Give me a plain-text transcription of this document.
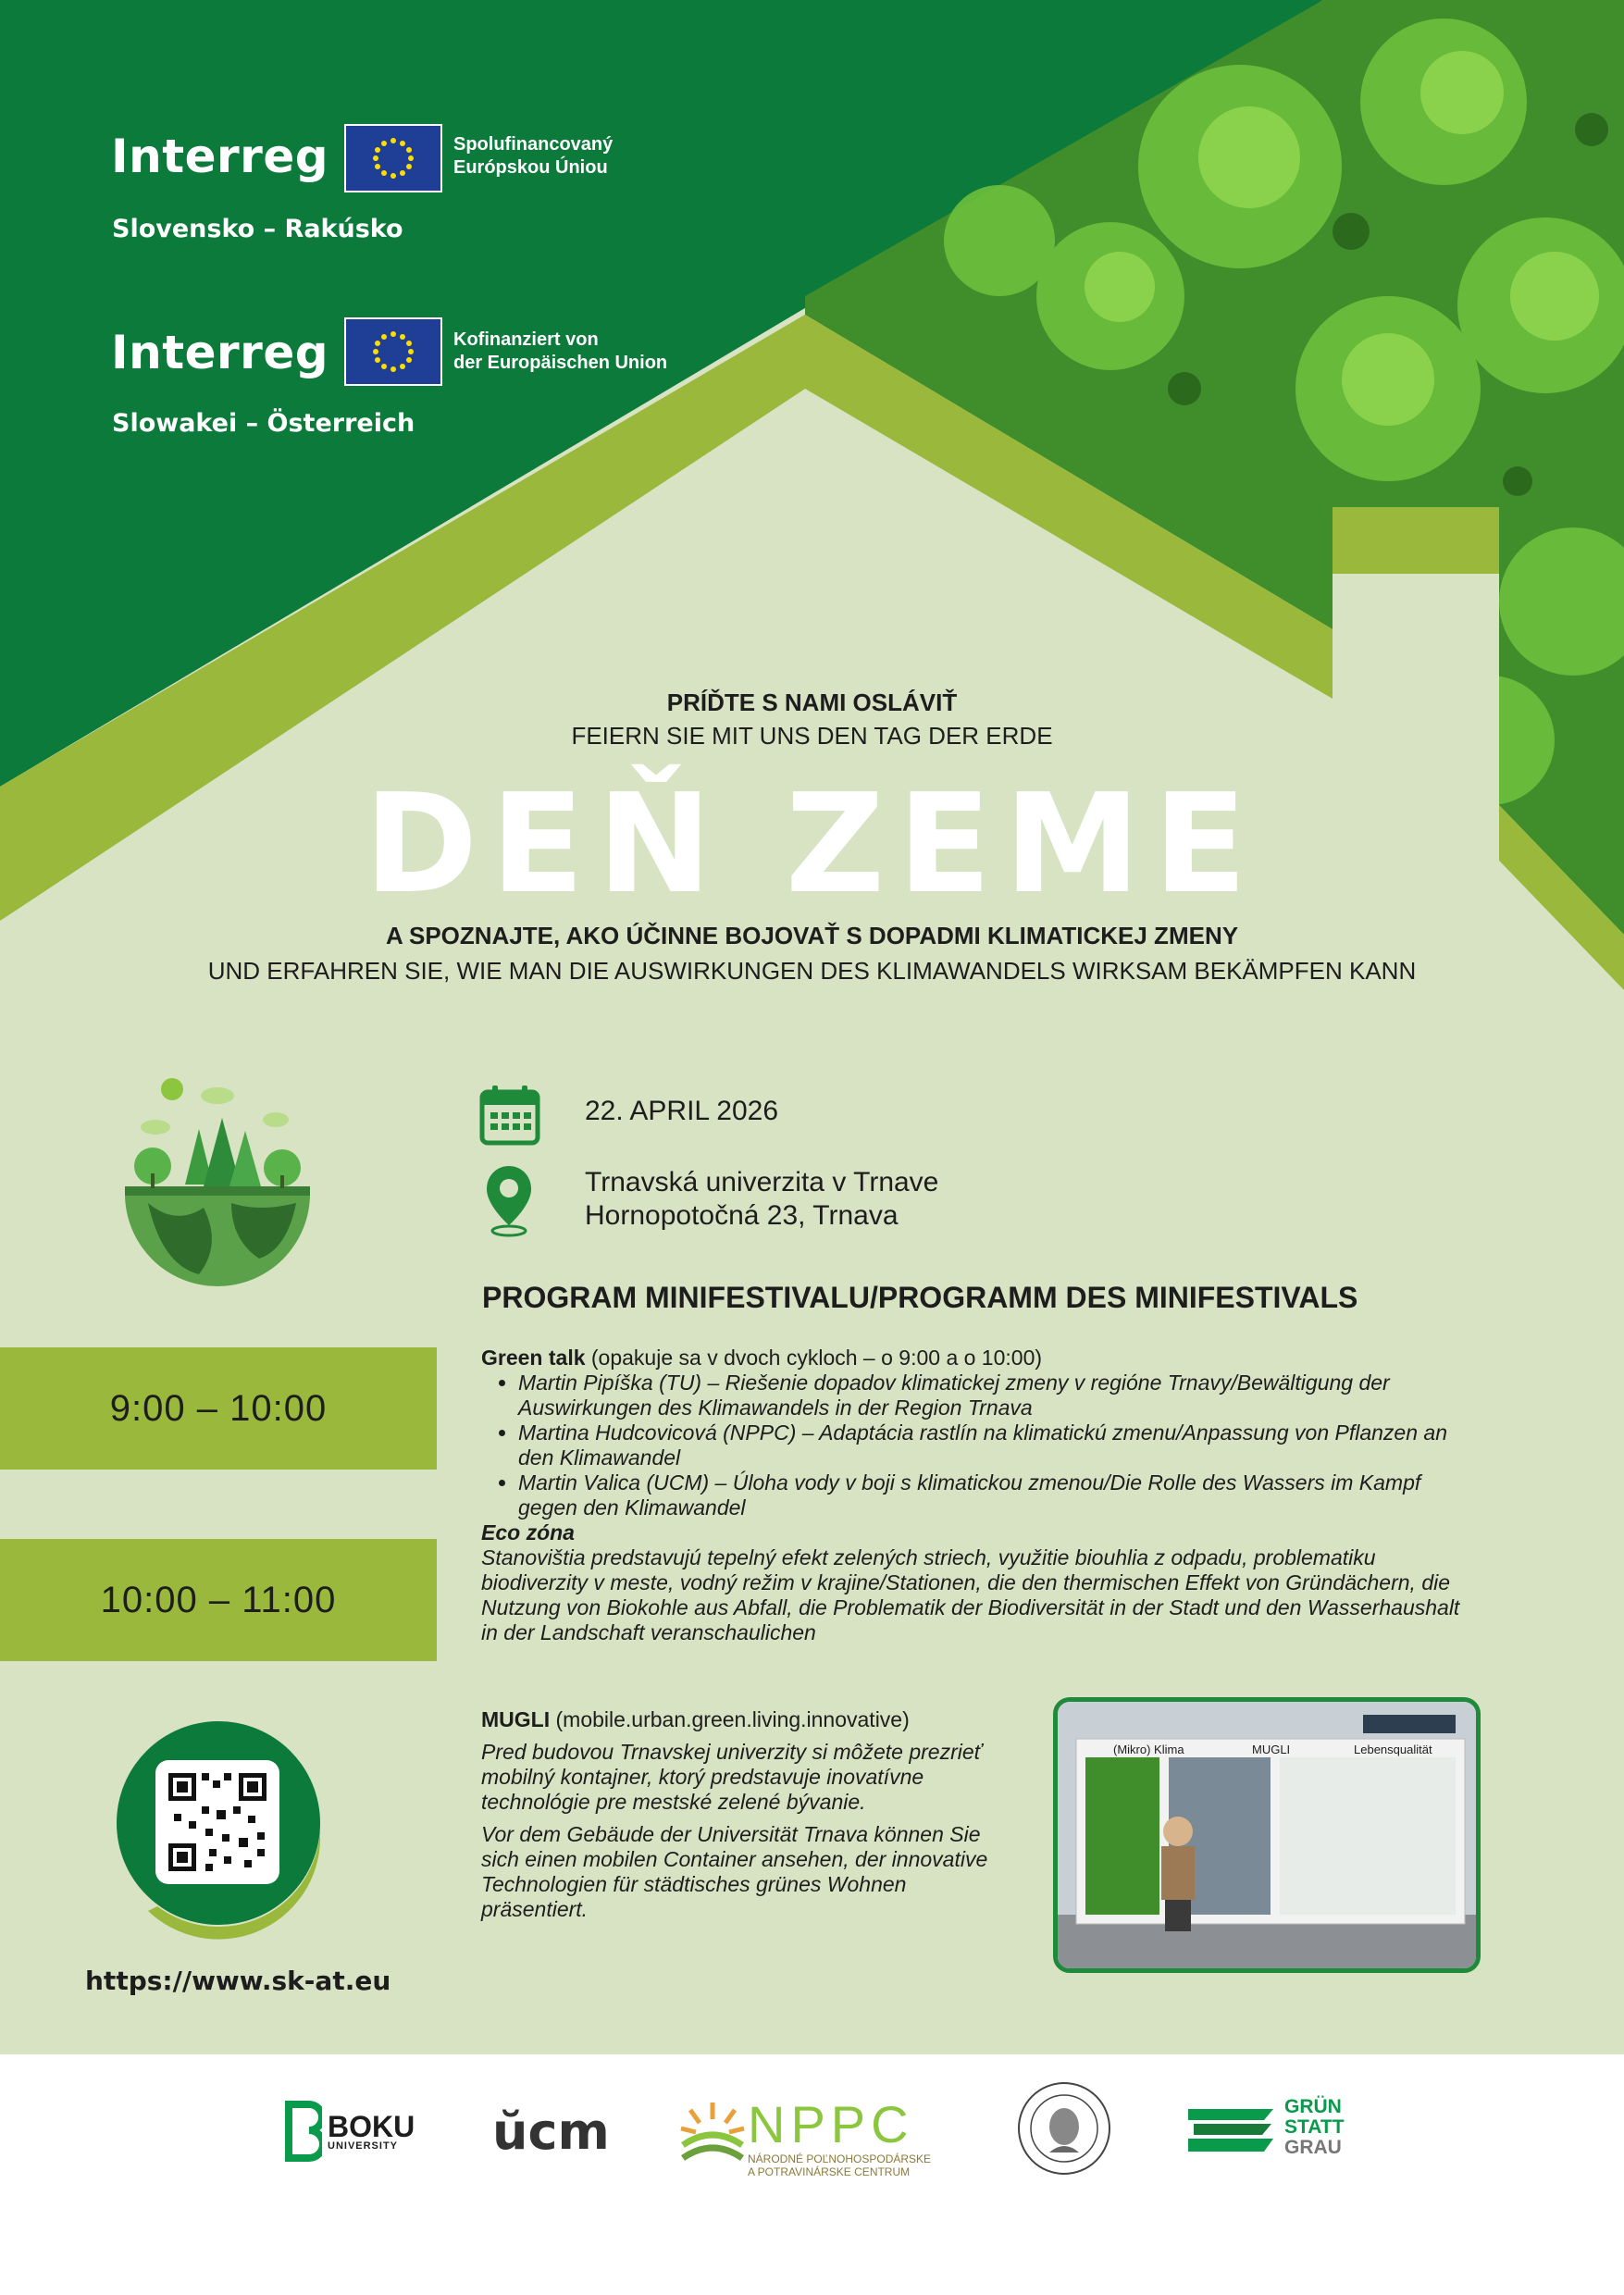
Interreg	Spolufinancovaný
Európskou Úniou
Slovensko – Rakúsko
Interreg	Kofinanziert von
der Europäischen Union
Slowakei – Österreich
PRÍĎTE S NAMI OSLÁVIŤ
FEIERN SIE MIT UNS DEN TAG DER ERDE
DEŇ ZEME
A SPOZNAJTE, AKO ÚČINNE BOJOVAŤ S DOPADMI KLIMATICKEJ ZMENY
UND ERFAHREN SIE, WIE MAN DIE AUSWIRKUNGEN DES KLIMAWANDELS WIRKSAM BEKÄMPFEN KANN
22. APRIL 2026
Trnavská univerzita v Trnave
Hornopotočná 23, Trnava
PROGRAM MINIFESTIVALU/PROGRAMM DES MINIFESTIVALS
9:00 – 10:00
10:00 – 11:00
Green talk (opakuje sa v dvoch cykloch – o 9:00 a o 10:00)
• Martin Pipíška (TU) – Riešenie dopadov klimatickej zmeny v regióne Trnavy/Bewältigung der Auswirkungen des Klimawandels in der Region Trnava
• Martina Hudcovicová (NPPC) – Adaptácia rastlín na klimatickú zmenu/Anpassung von Pflanzen an den Klimawandel
• Martin Valica (UCM) – Úloha vody v boji s klimatickou zmenou/Die Rolle des Wassers im Kampf gegen den Klimawandel
Eco zóna
Stanovištia predstavujú tepelný efekt zelených striech, využitie biouhlia z odpadu, problematiku biodiverzity v meste, vodný režim v krajine/Stationen, die den thermischen Effekt von Gründächern, die Nutzung von Biokohle aus Abfall, die Problematik der Biodiversität in der Stadt und den Wasserhaushalt in der Landschaft veranschaulichen
MUGLI (mobile.urban.green.living.innovative)
Pred budovou Trnavskej univerzity si môžete prezrieť mobilný kontajner, ktorý predstavuje inovatívne technológie pre mestské zelené bývanie.
Vor dem Gebäude der Universität Trnava können Sie sich einen mobilen Container ansehen, der innovative Technologien für städtisches grünes Wohnen präsentiert.
(Mikro) Klima	MUGLI	Lebensqualität
https://www.sk-at.eu
BOKU
UNIVERSITY	ŭcm	NPPC
NÁRODNÉ POĽNOHOSPODÁRSKE
A POTRAVINÁRSKE CENTRUM
GRÜN
STATT
GRAU
